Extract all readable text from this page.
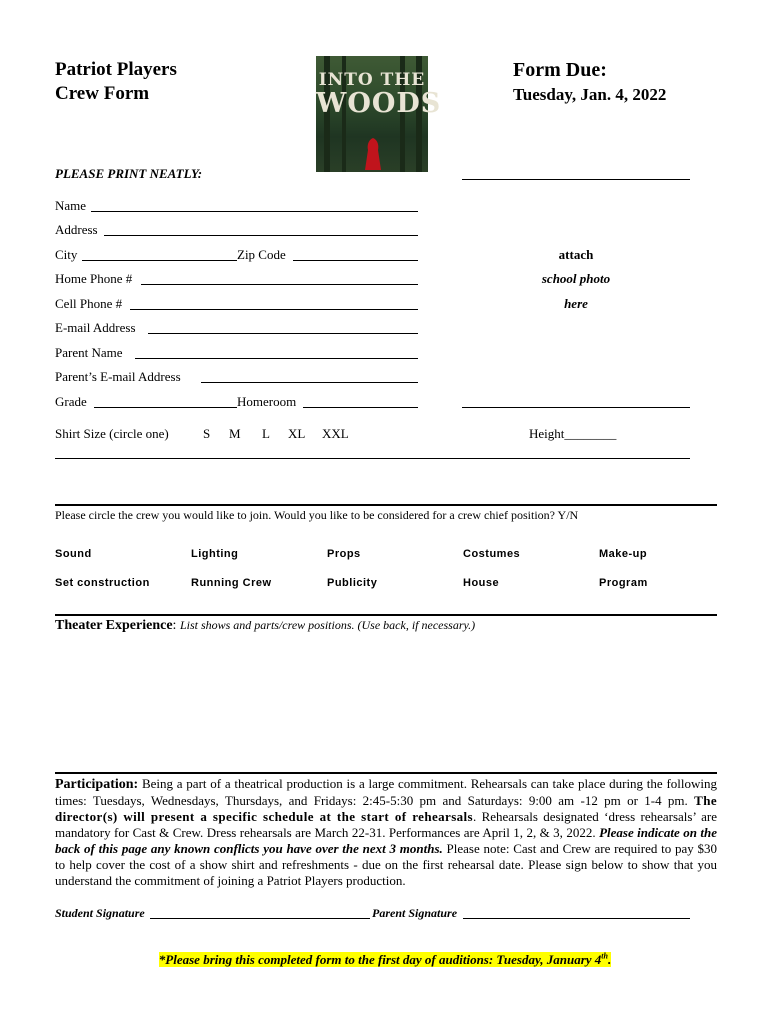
Patriot Players
Crew Form
INTO THE
WOODS
Form Due:
Tuesday, Jan. 4, 2022
PLEASE PRINT NEATLY:
Name
Address
City	Zip Code
Home Phone #
Cell Phone #
E-mail Address
Parent Name
Parent’s E-mail Address
Grade	Homeroom
attach
school photo
here
Shirt Size (circle one)	S M L XL XXL	Height________
Please circle the crew you would like to join. Would you like to be considered for a crew chief position? Y/N
Sound	Lighting	Props	Costumes	Make-up
Set construction	Running Crew	Publicity	House	Program
Theater Experience: List shows and parts/crew positions. (Use back, if necessary.)
Participation: Being a part of a theatrical production is a large commitment. Rehearsals can take place during the following times: Tuesdays, Wednesdays, Thursdays, and Fridays: 2:45-5:30 pm and Saturdays: 9:00 am -12 pm or 1-4 pm. The director(s) will present a specific schedule at the start of rehearsals. Rehearsals designated ‘dress rehearsals’ are mandatory for Cast & Crew. Dress rehearsals are March 22-31. Performances are April 1, 2, & 3, 2022. Please indicate on the back of this page any known conflicts you have over the next 3 months. Please note: Cast and Crew are required to pay $30 to help cover the cost of a show shirt and refreshments - due on the first rehearsal date. Please sign below to show that you understand the commitment of joining a Patriot Players production.
Student Signature	Parent Signature
*Please bring this completed form to the first day of auditions: Tuesday, January 4th.
